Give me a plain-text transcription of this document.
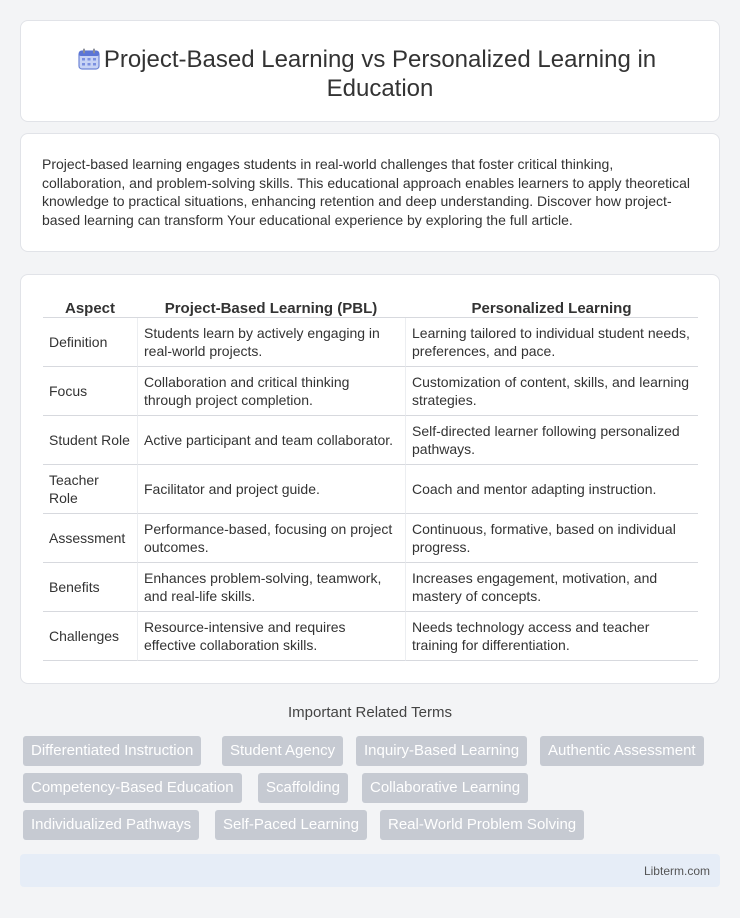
Project-Based Learning vs Personalized Learning in Education

Project-based learning engages students in real-world challenges that foster critical thinking, collaboration, and problem-solving skills. This educational approach enables learners to apply theoretical knowledge to practical situations, enhancing retention and deep understanding. Discover how project-based learning can transform Your educational experience by exploring the full article.

Aspect	Project-Based Learning (PBL)	Personalized Learning
Definition	Students learn by actively engaging in real-world projects.	Learning tailored to individual student needs, preferences, and pace.
Focus	Collaboration and critical thinking through project completion.	Customization of content, skills, and learning strategies.
Student Role	Active participant and team collaborator.	Self-directed learner following personalized pathways.
Teacher Role	Facilitator and project guide.	Coach and mentor adapting instruction.
Assessment	Performance-based, focusing on project outcomes.	Continuous, formative, based on individual progress.
Benefits	Enhances problem-solving, teamwork, and real-life skills.	Increases engagement, motivation, and mastery of concepts.
Challenges	Resource-intensive and requires effective collaboration skills.	Needs technology access and teacher training for differentiation.
Important Related Terms
Differentiated Instruction	Student Agency	Inquiry-Based Learning	Authentic Assessment
Competency-Based Education	Scaffolding	Collaborative Learning
Individualized Pathways	Self-Paced Learning	Real-World Problem Solving
Libterm.com
